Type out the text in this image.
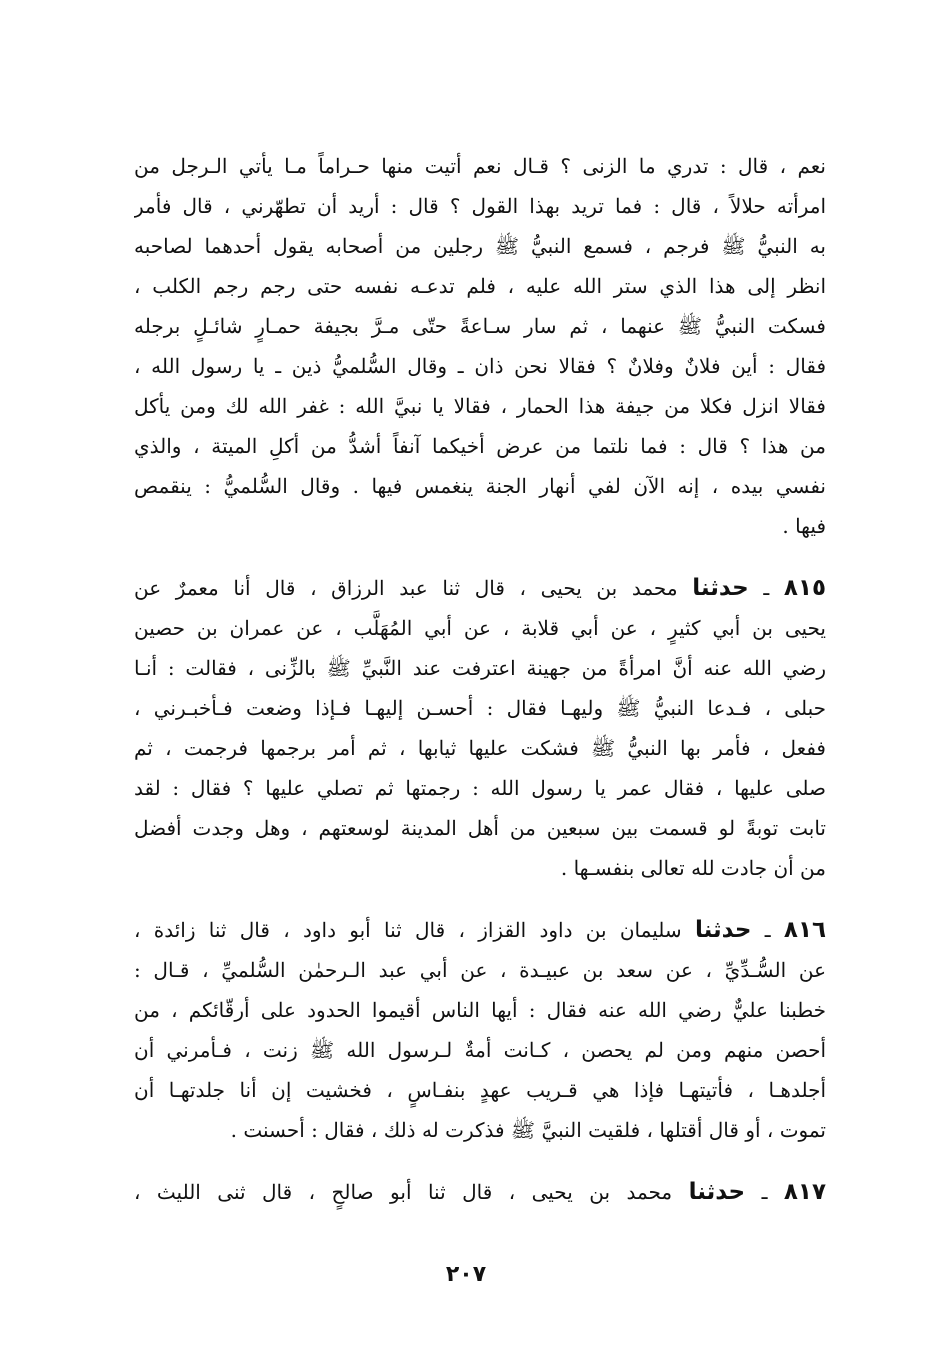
نعم ، قال : تدري ما الزنى ؟ قـال نعم أتيت منها حـراماً مـا يأتي الـرجل من
امرأته حلالاً ، قال : فما تريد بهذا القول ؟ قال : أريد أن تطهّرني ، قال فأمر
به النبيُّ ﷺ فرجم ، فسمع النبيُّ ﷺ رجلين من أصحابه يقول أحدهما لصاحبه
انظر إلى هذا الذي ستر الله عليه ، فلم تدعـه نفسه حتى رجم رجم الكلب ،
فسكت النبيُّ ﷺ عنهما ، ثم سار سـاعةً حتّى مـرَّ بجيفة حمـارٍ شائـلٍ برجله
فقال : أين فلانٌ وفلانٌ ؟ فقالا نحن ذان ـ وقال السُّلميُّ ذين ـ يا رسول الله ،
فقالا انزل فكلا من جيفة هذا الحمار ، فقالا يا نبيَّ الله : غفر الله لك ومن يأكل
من هذا ؟ قال : فما نلتما من عرض أخيكما آنفاً أشدُّ من أكلِ الميتة ، والذي
نفسي بيده ، إنه الآن لفي أنهار الجنة ينغمس فيها . وقال السُّلميُّ : ينقمص
فيها .
٨١٥ ـ حدثنا محمد بن يحيى ، قال ثنا عبد الرزاق ، قال أنا معمرٌ عن
يحيى بن أبي كثيرٍ ، عن أبي قلابة ، عن أبي المُهَلَّب ، عن عمران بن حصين
رضي الله عنه أنَّ امرأةً من جهينة اعترفت عند النَّبيِّ ﷺ بالزِّنى ، فقالت : أنـا
حبلى ، فـدعا النبيُّ ﷺ وليهـا فقال : أحسـن إليهـا فـإذا وضعت فـأخبـرني ،
ففعل ، فأمر بها النبيُّ ﷺ فشكت عليها ثيابها ، ثم أمر برجمها فرجمت ، ثم
صلى عليها ، فقال عمر يا رسول الله : رجمتها ثم تصلي عليها ؟ فقال : لقد
تابت توبةً لو قسمت بين سبعين من أهل المدينة لوسعتهم ، وهل وجدت أفضل
من أن جادت لله تعالى بنفسـها .
٨١٦ ـ حدثنا سليمان بن داود القزاز ، قال ثنا أبو داود ، قال ثنا زائدة ،
عن السُّـدِّيِّ ، عن سعد بن عبيـدة ، عن أبي عبد الـرحمٰن السُّلميِّ ، قـال :
خطبنا عليٌّ رضي الله عنه فقال : أيها الناس أقيموا الحدود على أرقّائكم ، من
أحصن منهم ومن لم يحصن ، كـانت أمةٌ لـرسول الله ﷺ زنت ، فـأمرني أن
أجلدهـا ، فأتيتهـا فإذا هي قـريب عهدٍ بنفـاسٍ ، فخشيت إن أنا جلدتهـا أن
تموت ، أو قال أقتلها ، فلقيت النبيَّ ﷺ فذكرت له ذلك ، فقال : أحسنت .
٨١٧ ـ حدثنا محمد بن يحيى ، قال ثنا أبو صالحٍ ، قال ثنى الليث ،
٢٠٧
